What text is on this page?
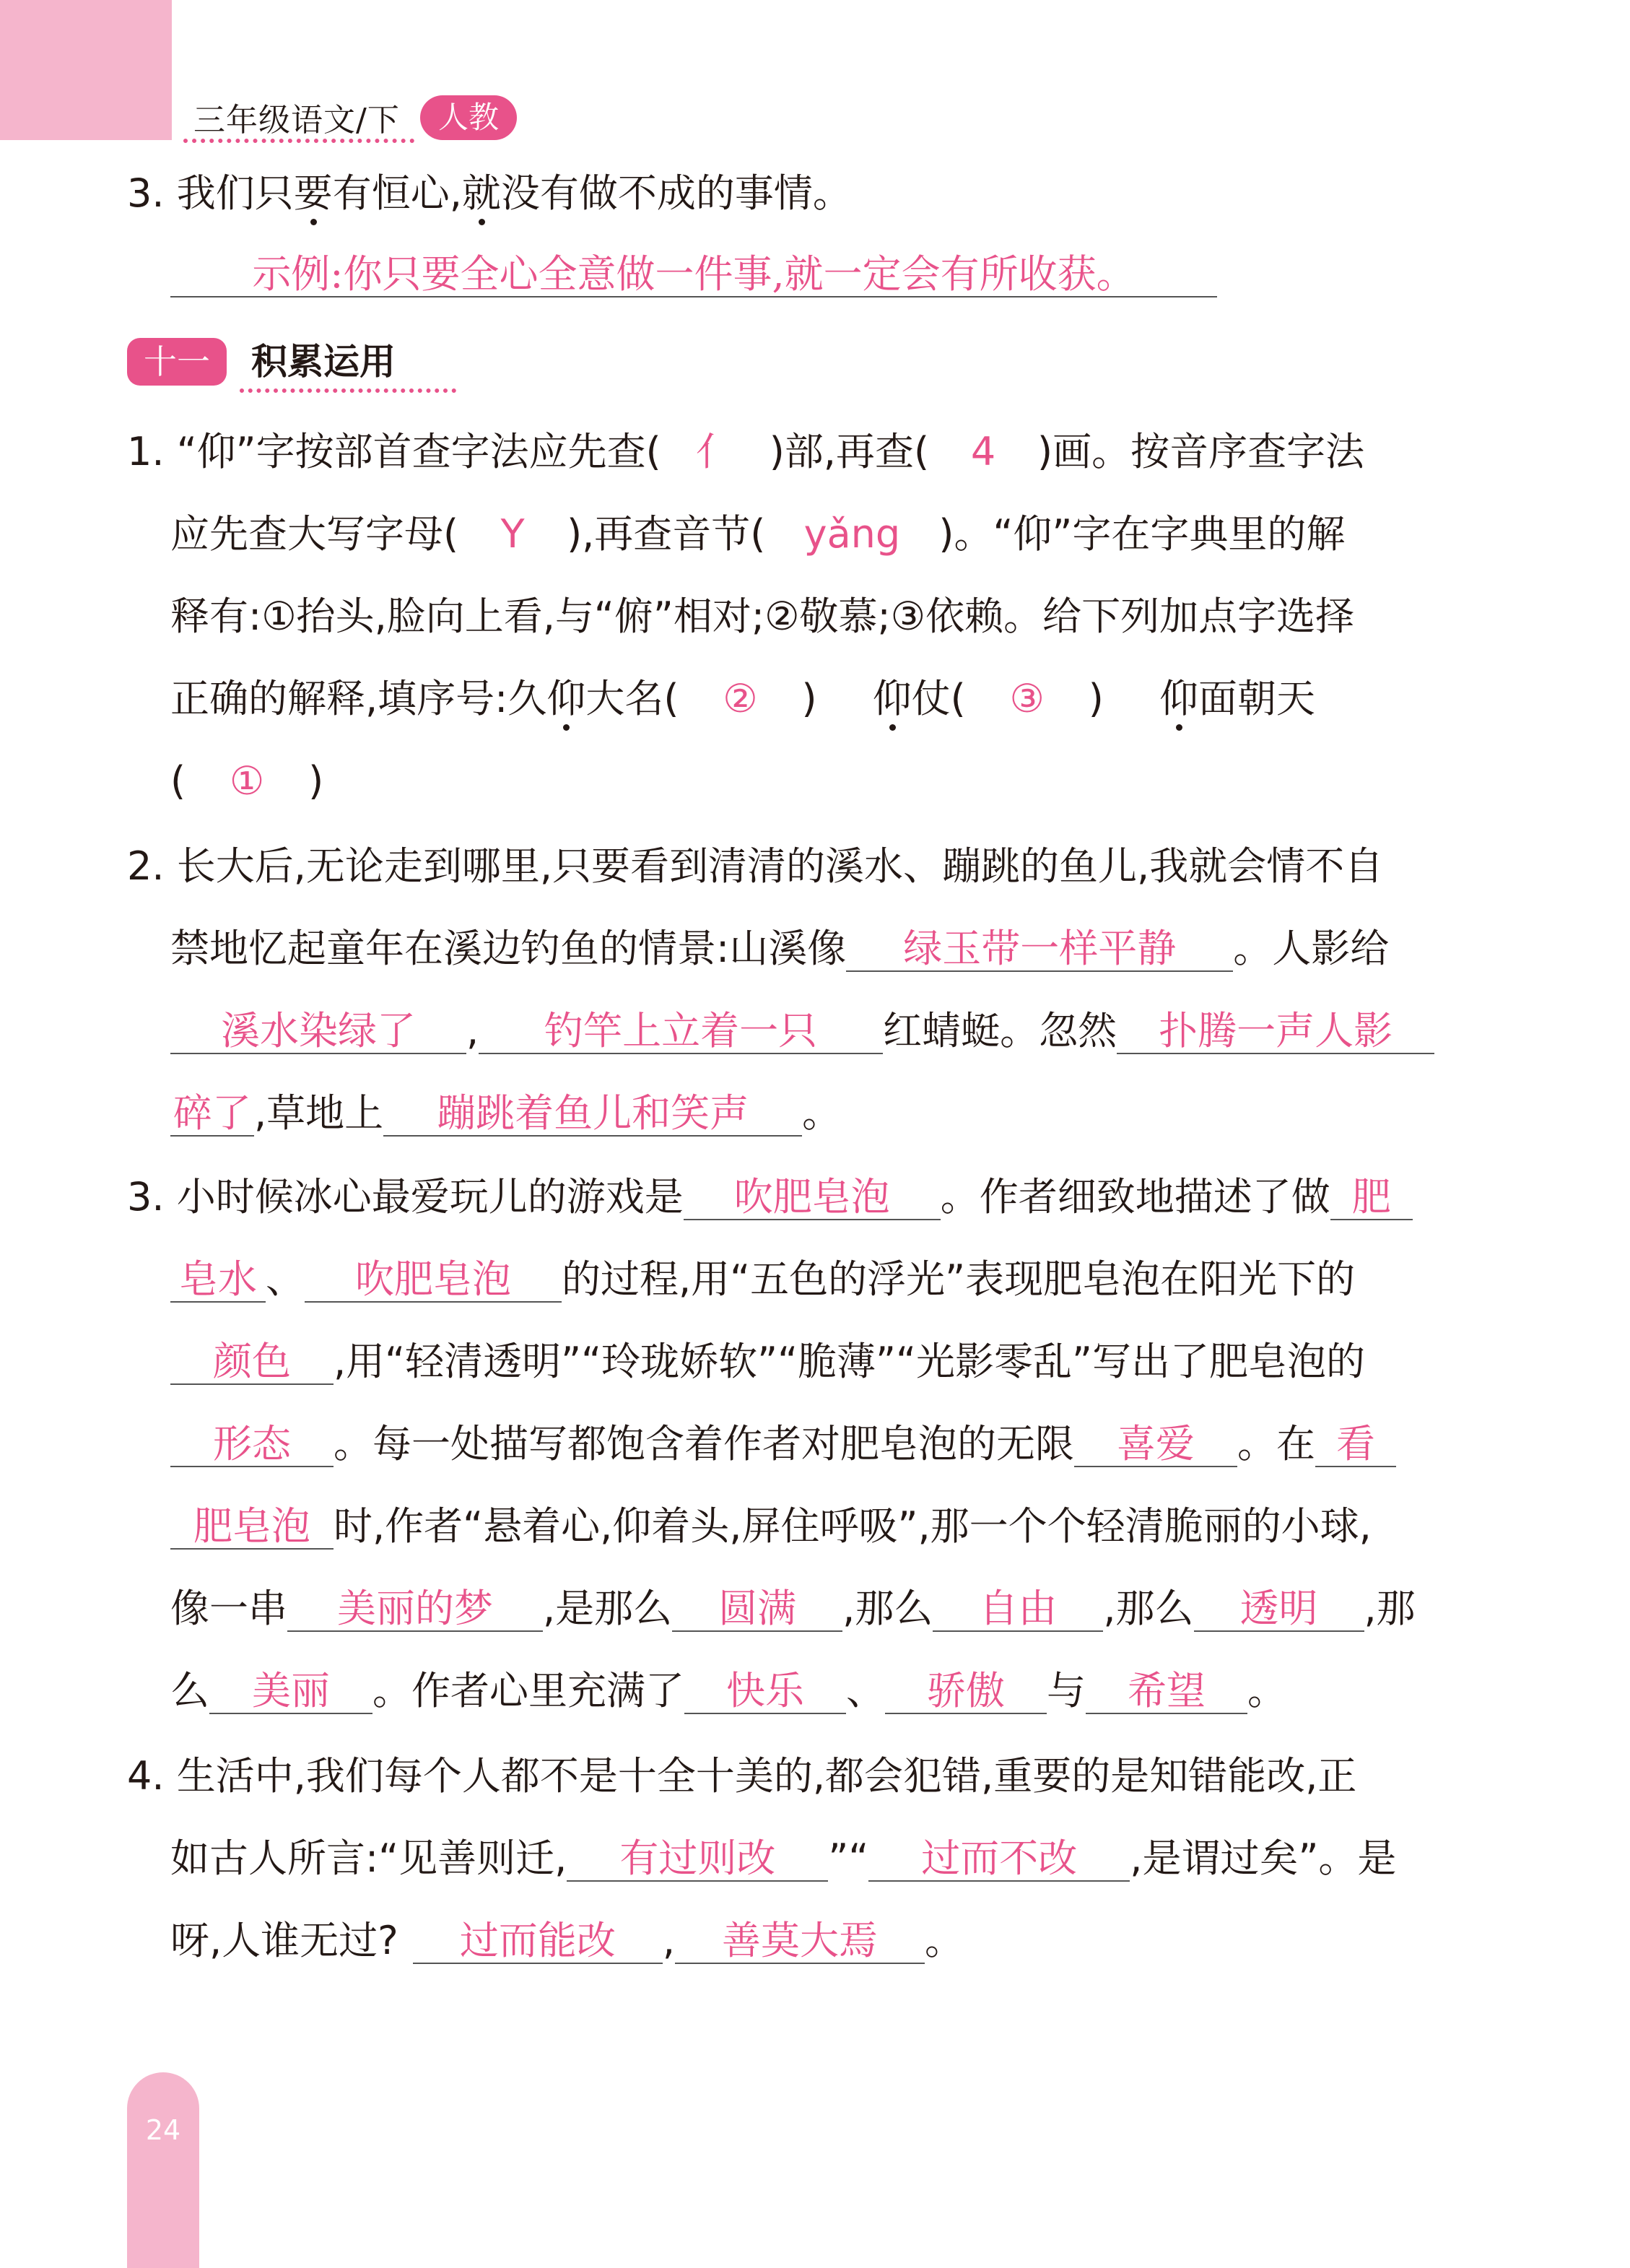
24
三年级语文/下	人教
3. 我们只要有恒心,就没有做不成的事情。
示例:你只要全心全意做一件事,就一定会有所收获。
十一	积累运用
1. “仰”字按部首查字法应先查( 亻 )部,再查( 4 )画。按音序查字法
应先查大写字母( Y ),再查音节( yǎng )。“仰”字在字典里的解
释有:①抬头,脸向上看,与“俯”相对;②敬慕;③依赖。给下列加点字选择
正确的解释,填序号:久仰大名( ② ) 仰仗( ③ ) 仰面朝天
( ① )
2. 长大后,无论走到哪里,只要看到清清的溪水、蹦跳的鱼儿,我就会情不自
禁地忆起童年在溪边钓鱼的情景:山溪像 绿玉带一样平静 。人影给
溪水染绿了 , 钓竿上立着一只 红蜻蜓。忽然 扑腾一声人影
碎了,草地上 蹦跳着鱼儿和笑声 。
3. 小时候冰心最爱玩儿的游戏是 吹肥皂泡 。作者细致地描述了做 肥
皂水 、 吹肥皂泡 的过程,用“五色的浮光”表现肥皂泡在阳光下的
颜色 ,用“轻清透明”“玲珑娇软”“脆薄”“光影零乱”写出了肥皂泡的
形态 。每一处描写都饱含着作者对肥皂泡的无限 喜爱 。在 看
肥皂泡 时,作者“悬着心,仰着头,屏住呼吸”,那一个个轻清脆丽的小球,
像一串 美丽的梦 ,是那么 圆满 ,那么 自由 ,那么 透明 ,那
么 美丽 。作者心里充满了 快乐 、 骄傲 与 希望 。
4. 生活中,我们每个人都不是十全十美的,都会犯错,重要的是知错能改,正
如古人所言:“见善则迁, 有过则改 ”“ 过而不改 ,是谓过矣”。是
呀,人谁无过? 过而能改 , 善莫大焉 。
